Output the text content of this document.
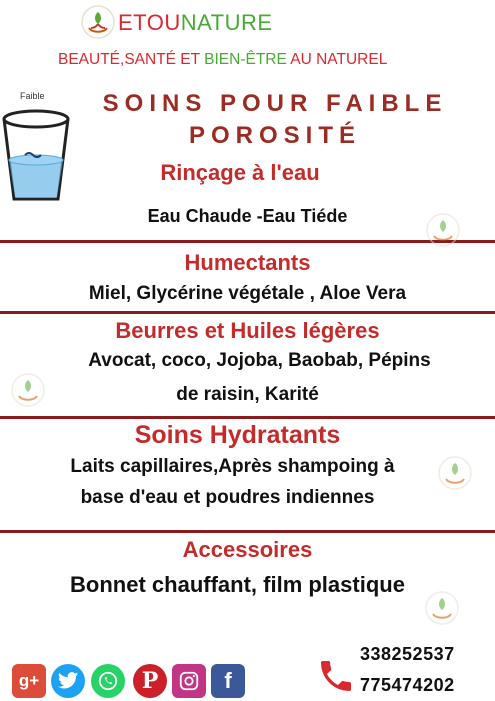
ETOUNATURE
BEAUTÉ,SANTÉ ET BIEN-ÊTRE AU NATUREL
Faible	SOINS POUR FAIBLE
POROSITÉ
Rinçage à l'eau
Eau Chaude -Eau Tiéde
Humectants
Miel, Glycérine végétale , Aloe Vera
Beurres et Huiles légères
Avocat, coco, Jojoba, Baobab, Pépins
de raisin, Karité
Soins Hydratants
Laits capillaires,Après shampoing à
base d'eau et poudres indiennes
Accessoires
Bonnet chauffant, film plastique
g+	P	f
338252537
775474202
